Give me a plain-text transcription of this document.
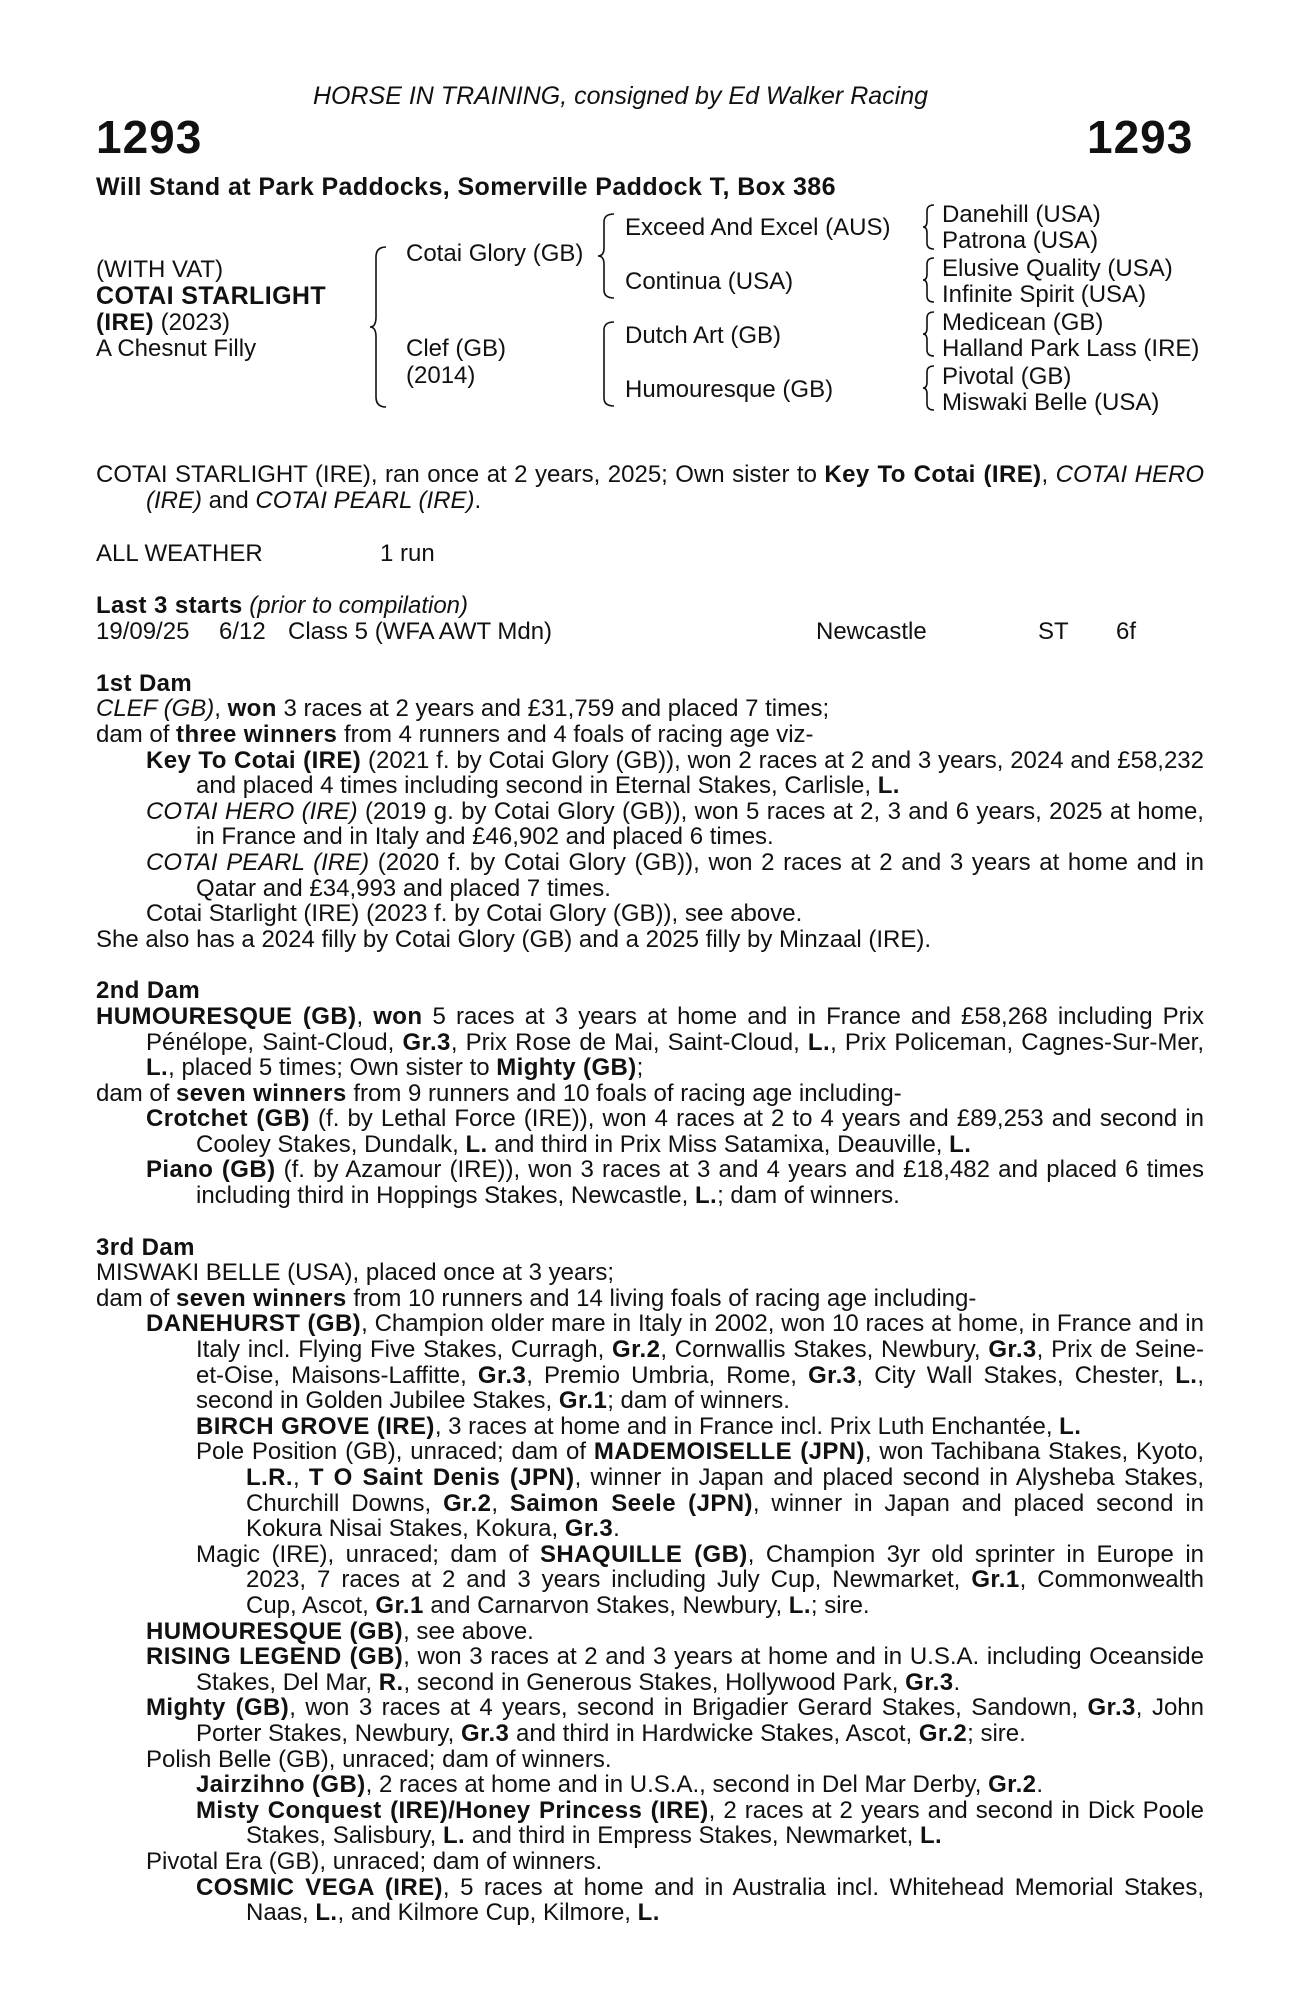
HORSE IN TRAINING, consigned by Ed Walker Racing
1293	1293
Will Stand at Park Paddocks, Somerville Paddock T, Box 386
(WITH VAT)
COTAI STARLIGHT
(IRE) (2023)
A Chesnut Filly
Cotai Glory (GB)
Clef (GB)
(2014)
Exceed And Excel (AUS)
Continua (USA)
Dutch Art (GB)
Humouresque (GB)
Danehill (USA)
Patrona (USA)
Elusive Quality (USA)
Infinite Spirit (USA)
Medicean (GB)
Halland Park Lass (IRE)
Pivotal (GB)
Miswaki Belle (USA)

COTAI STARLIGHT (IRE), ran once at 2 years, 2025; Own sister to Key To Cotai (IRE), COTAI HERO (IRE) and COTAI PEARL (IRE).

ALL WEATHER	1 run

Last 3 starts (prior to compilation)

19/09/25 6/12 Class 5 (WFA AWT Mdn)	Newcastle	ST 6f

1st Dam

CLEF (GB), won 3 races at 2 years and £31,759 and placed 7 times;

dam of three winners from 4 runners and 4 foals of racing age viz-

Key To Cotai (IRE) (2021 f. by Cotai Glory (GB)), won 2 races at 2 and 3 years, 2024 and £58,232 and placed 4 times including second in Eternal Stakes, Carlisle, L.

COTAI HERO (IRE) (2019 g. by Cotai Glory (GB)), won 5 races at 2, 3 and 6 years, 2025 at home, in France and in Italy and £46,902 and placed 6 times.

COTAI PEARL (IRE) (2020 f. by Cotai Glory (GB)), won 2 races at 2 and 3 years at home and in Qatar and £34,993 and placed 7 times.

Cotai Starlight (IRE) (2023 f. by Cotai Glory (GB)), see above.

She also has a 2024 filly by Cotai Glory (GB) and a 2025 filly by Minzaal (IRE).

2nd Dam

HUMOURESQUE (GB), won 5 races at 3 years at home and in France and £58,268 including Prix Pénélope, Saint-Cloud, Gr.3, Prix Rose de Mai, Saint-Cloud, L., Prix Policeman, Cagnes-Sur-Mer, L., placed 5 times; Own sister to Mighty (GB);

dam of seven winners from 9 runners and 10 foals of racing age including-

Crotchet (GB) (f. by Lethal Force (IRE)), won 4 races at 2 to 4 years and £89,253 and second in Cooley Stakes, Dundalk, L. and third in Prix Miss Satamixa, Deauville, L.

Piano (GB) (f. by Azamour (IRE)), won 3 races at 3 and 4 years and £18,482 and placed 6 times including third in Hoppings Stakes, Newcastle, L.; dam of winners.

3rd Dam

MISWAKI BELLE (USA), placed once at 3 years;

dam of seven winners from 10 runners and 14 living foals of racing age including-

DANEHURST (GB), Champion older mare in Italy in 2002, won 10 races at home, in France and in Italy incl. Flying Five Stakes, Curragh, Gr.2, Cornwallis Stakes, Newbury, Gr.3, Prix de Seine-et-Oise, Maisons-Laffitte, Gr.3, Premio Umbria, Rome, Gr.3, City Wall Stakes, Chester, L., second in Golden Jubilee Stakes, Gr.1; dam of winners.

BIRCH GROVE (IRE), 3 races at home and in France incl. Prix Luth Enchantée, L.

Pole Position (GB), unraced; dam of MADEMOISELLE (JPN), won Tachibana Stakes, Kyoto, L.R., T O Saint Denis (JPN), winner in Japan and placed second in Alysheba Stakes, Churchill Downs, Gr.2, Saimon Seele (JPN), winner in Japan and placed second in Kokura Nisai Stakes, Kokura, Gr.3.

Magic (IRE), unraced; dam of SHAQUILLE (GB), Champion 3yr old sprinter in Europe in 2023, 7 races at 2 and 3 years including July Cup, Newmarket, Gr.1, Commonwealth Cup, Ascot, Gr.1 and Carnarvon Stakes, Newbury, L.; sire.

HUMOURESQUE (GB), see above.

RISING LEGEND (GB), won 3 races at 2 and 3 years at home and in U.S.A. including Oceanside Stakes, Del Mar, R., second in Generous Stakes, Hollywood Park, Gr.3.

Mighty (GB), won 3 races at 4 years, second in Brigadier Gerard Stakes, Sandown, Gr.3, John Porter Stakes, Newbury, Gr.3 and third in Hardwicke Stakes, Ascot, Gr.2; sire.

Polish Belle (GB), unraced; dam of winners.

Jairzihno (GB), 2 races at home and in U.S.A., second in Del Mar Derby, Gr.2.

Misty Conquest (IRE)/Honey Princess (IRE), 2 races at 2 years and second in Dick Poole Stakes, Salisbury, L. and third in Empress Stakes, Newmarket, L.

Pivotal Era (GB), unraced; dam of winners.

COSMIC VEGA (IRE), 5 races at home and in Australia incl. Whitehead Memorial Stakes, Naas, L., and Kilmore Cup, Kilmore, L.
